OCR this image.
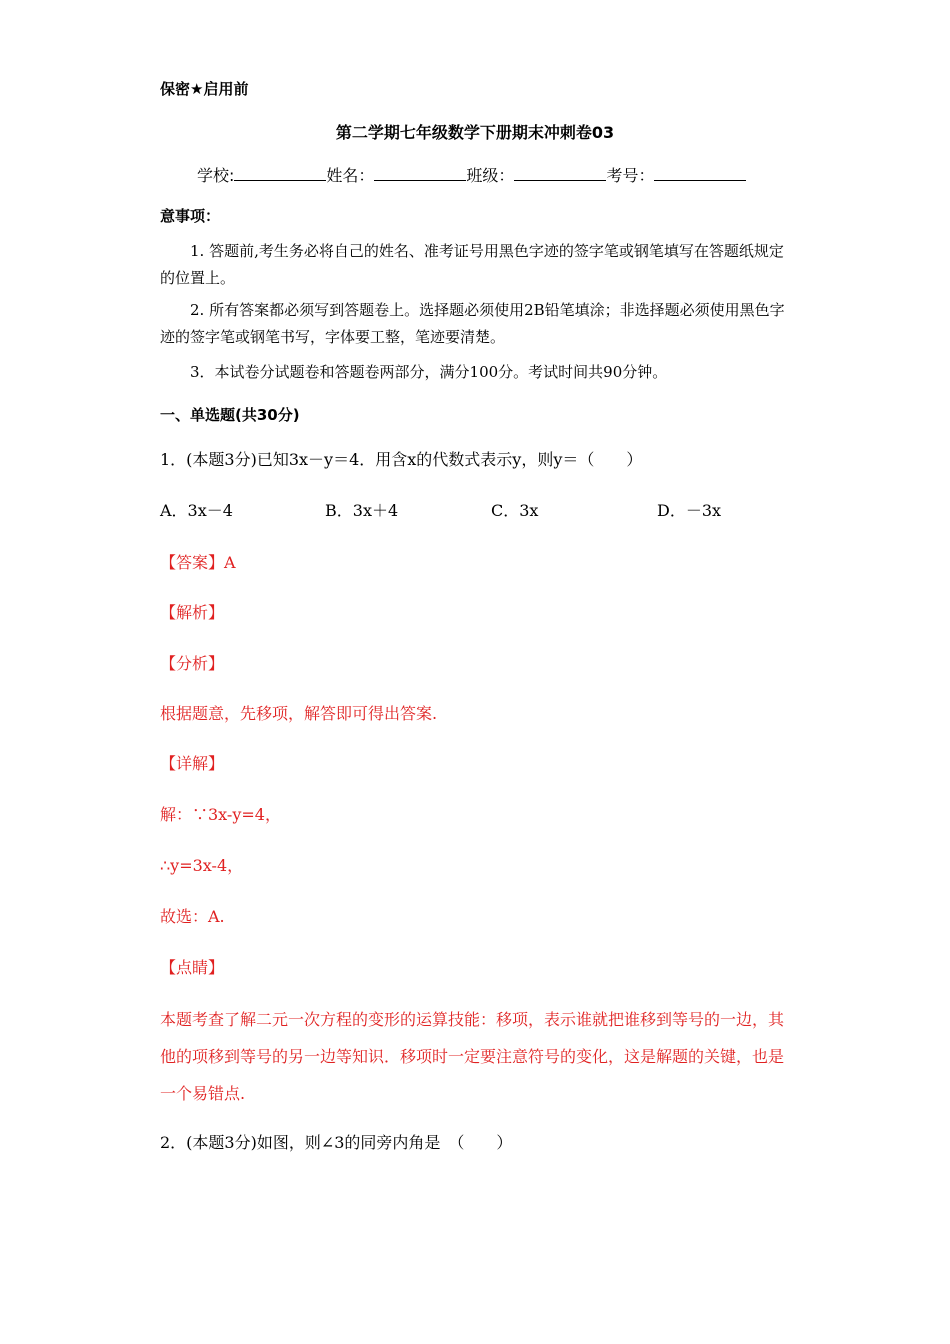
保密★启用前
第二学期七年级数学下册期末冲刺卷03
学校:	姓名：	班级：	考号：
意事项：
1. 答题前,考生务必将自己的姓名、准考证号用黑色字迹的签字笔或钢笔填写在答题纸规定的位置上。
2. 所有答案都必须写到答题卷上。选择题必须使用2B铅笔填涂；非选择题必须使用黑色字迹的签字笔或钢笔书写，字体要工整，笔迹要清楚。
3．本试卷分试题卷和答题卷两部分，满分100分。考试时间共90分钟。
一、单选题(共30分)
1．(本题3分)已知3x－y＝4．用含x的代数式表示y，则y＝（　　）
A．3x－4	B．3x＋4	C．3x	D．－3x
【答案】A
【解析】
【分析】
根据题意，先移项，解答即可得出答案.
【详解】
解：∵3x-y=4，
∴y=3x-4，
故选：A.
【点睛】
本题考查了解二元一次方程的变形的运算技能：移项，表示谁就把谁移到等号的一边，其他的项移到等号的另一边等知识．移项时一定要注意符号的变化，这是解题的关键，也是一个易错点.
2．(本题3分)如图，则∠3的同旁内角是　（　　）
